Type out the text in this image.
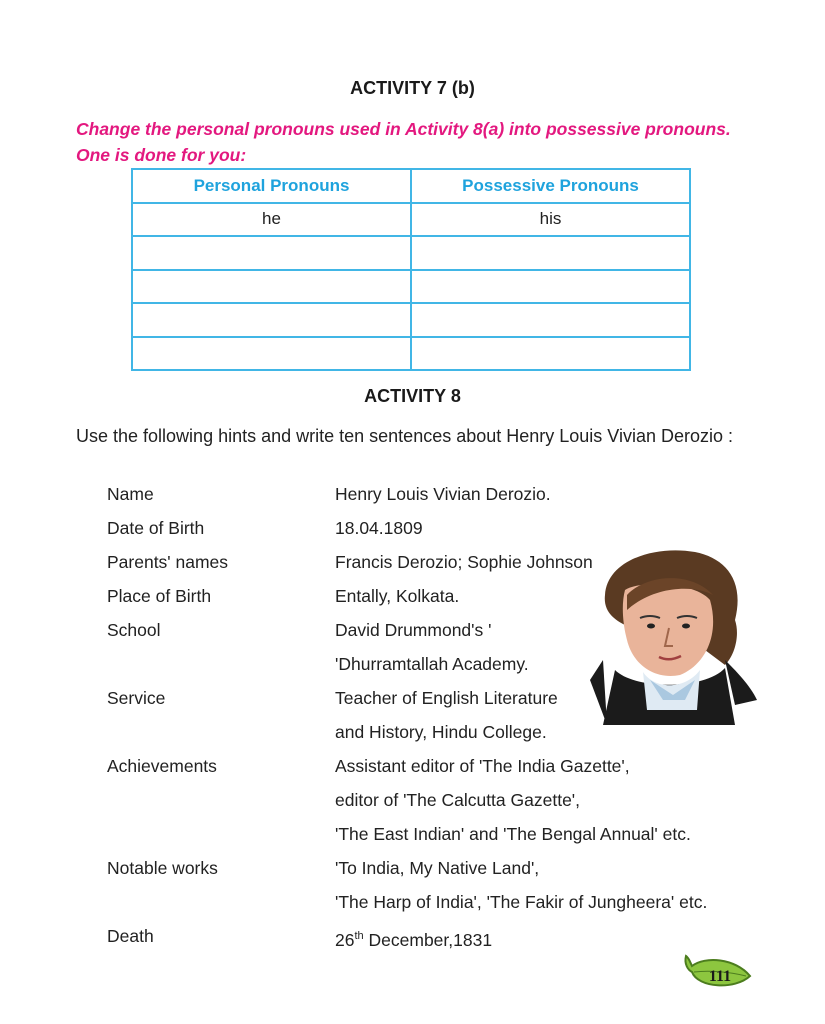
ACTIVITY 7 (b)
Change the personal pronouns used in Activity 8(a) into possessive pronouns.
One is done for you:
Personal Pronouns	Possessive Pronouns
he	his

ACTIVITY 8
Use the following hints and write ten sentences about Henry Louis Vivian Derozio :
Name	Henry Louis Vivian Derozio.
Date of Birth	18.04.1809
Parents' names	Francis Derozio; Sophie Johnson
Place of Birth	Entally, Kolkata.
School	David Drummond's '
'Dhurramtallah Academy.
Service	Teacher of English Literature
and History, Hindu College.
Achievements	Assistant editor of 'The India Gazette',
editor of 'The Calcutta Gazette',
'The East Indian' and 'The Bengal Annual' etc.
Notable works	'To India, My Native Land',
'The Harp of India', 'The Fakir of Jungheera' etc.
Death	26th December,1831
111
